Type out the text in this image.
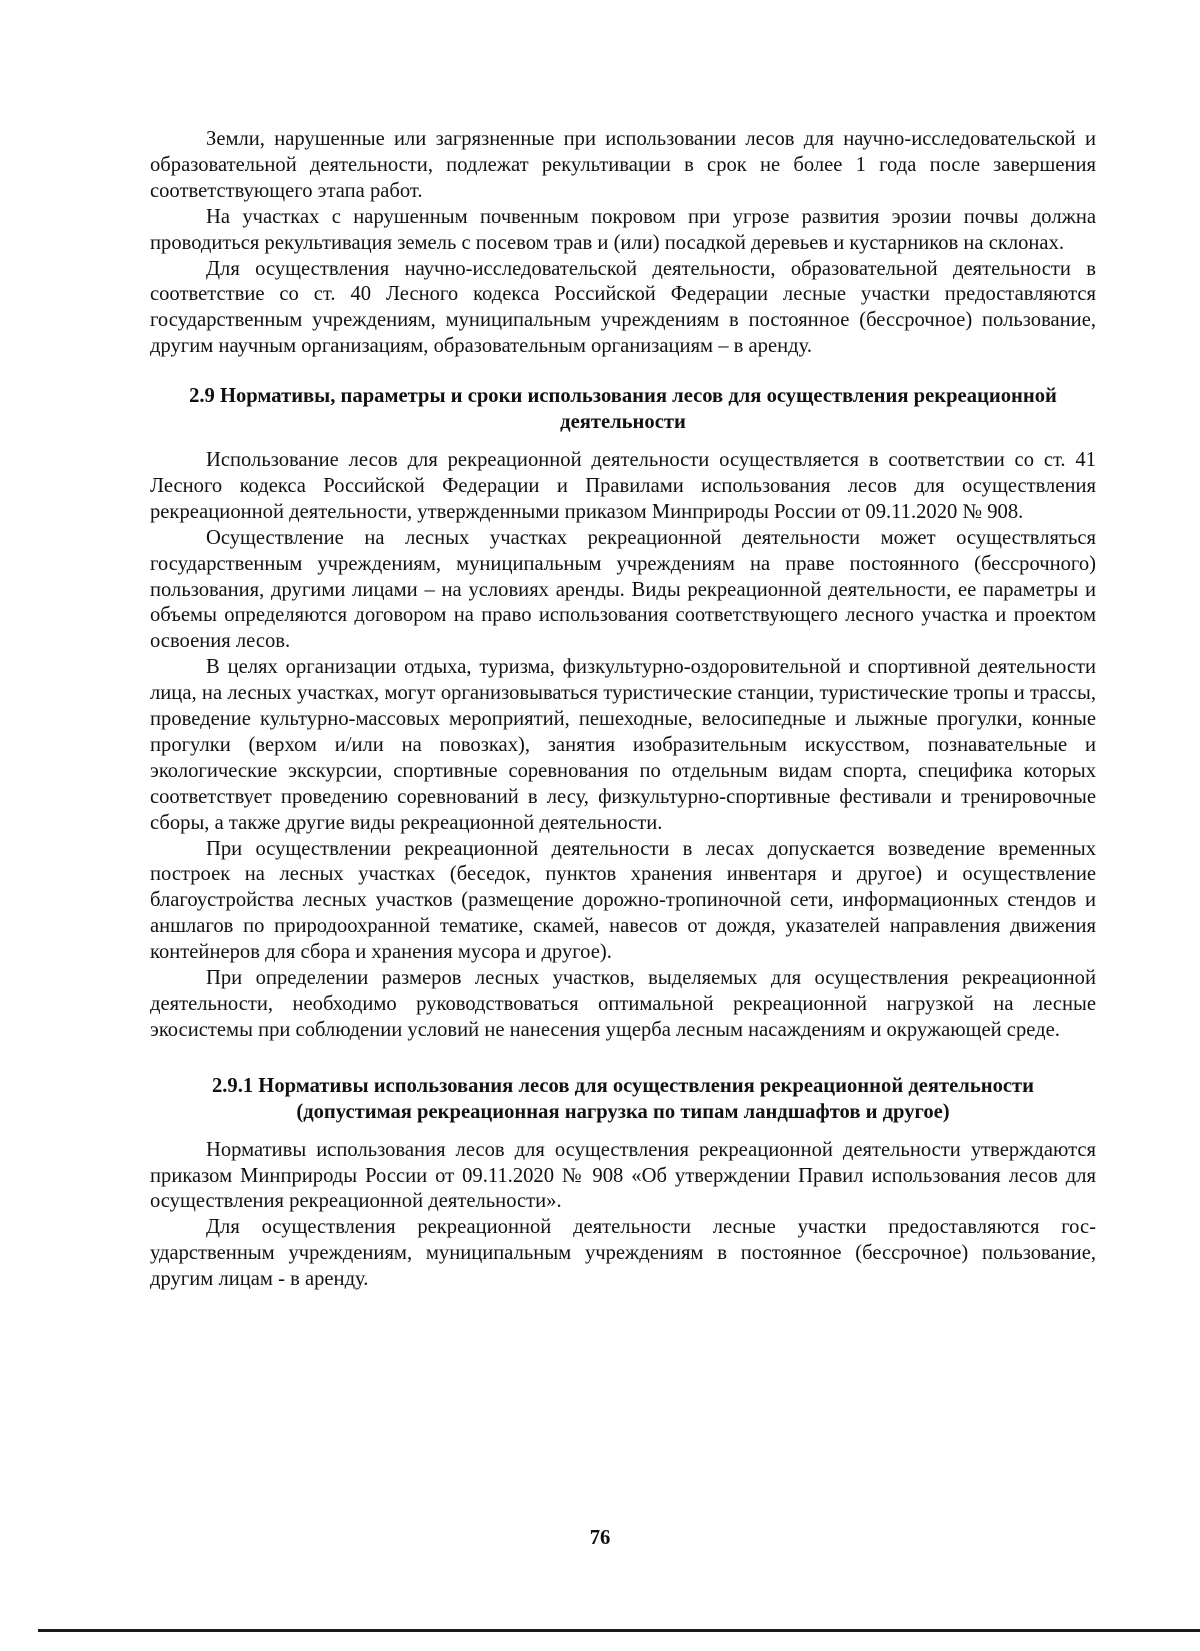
Земли, нарушенные или загрязненные при использовании лесов для научно-исследовательской и образовательной деятельности, подлежат рекультивации в срок не более 1 года после завершения соответствующего этапа работ.

На участках с нарушенным почвенным покровом при угрозе развития эрозии почвы должна проводиться рекультивация земель с посевом трав и (или) посадкой деревьев и кустарников на склонах.

Для осуществления научно-исследовательской деятельности, образовательной деятельности в соответствие со ст. 40 Лесного кодекса Российской Федерации лесные участки предоставляются государственным учреждениям, муниципальным учреждениям в постоянное (бессрочное) пользование, другим научным организациям, образовательным организациям – в аренду.

2.9 Нормативы, параметры и сроки использования лесов для осуществления рекреационной деятельности

Использование лесов для рекреационной деятельности осуществляется в соответствии со ст. 41 Лесного кодекса Российской Федерации и Правилами использования лесов для осуществления рекреационной деятельности, утвержденными приказом Минприроды России от 09.11.2020 № 908.

Осуществление на лесных участках рекреационной деятельности может осуществляться государственным учреждениям, муниципальным учреждениям на праве постоянного (бессрочного) пользования, другими лицами – на условиях аренды. Виды рекреационной деятельности, ее параметры и объемы определяются договором на право использования соответствующего лесного участка и проектом освоения лесов.

В целях организации отдыха, туризма, физкультурно-оздоровительной и спортивной деятельности лица, на лесных участках, могут организовываться туристические станции, туристические тропы и трассы, проведение культурно-массовых мероприятий, пешеходные, велосипедные и лыжные прогулки, конные прогулки (верхом и/или на повозках), занятия изобразительным искусством, познавательные и экологические экскурсии, спортивные соревнования по отдельным видам спорта, специфика которых соответствует проведению соревнований в лесу, физкультурно-спортивные фестивали и тренировочные сборы, а также другие виды рекреационной деятельности.

При осуществлении рекреационной деятельности в лесах допускается возведение временных построек на лесных участках (беседок, пунктов хранения инвентаря и другое) и осуществление благоустройства лесных участков (размещение дорожно-тропиночной сети, информационных стендов и аншлагов по природоохранной тематике, скамей, навесов от дождя, указателей направления движения контейнеров для сбора и хранения мусора и другое).

При определении размеров лесных участков, выделяемых для осуществления рекреационной деятельности, необходимо руководствоваться оптимальной рекреационной нагрузкой на лесные экосистемы при соблюдении условий не нанесения ущерба лесным насаждениям и окружающей среде.

2.9.1 Нормативы использования лесов для осуществления рекреационной деятельности
(допустимая рекреационная нагрузка по типам ландшафтов и другое)

Нормативы использования лесов для осуществления рекреационной деятельности утверждаются приказом Минприроды России от 09.11.2020 № 908 «Об утверждении Правил использования лесов для осуществления рекреационной деятельности».

Для осуществления рекреационной деятельности лесные участки предоставляются государственным учреждениям, муниципальным учреждениям в постоянное (бессрочное) пользование, другим лицам - в аренду.

76
